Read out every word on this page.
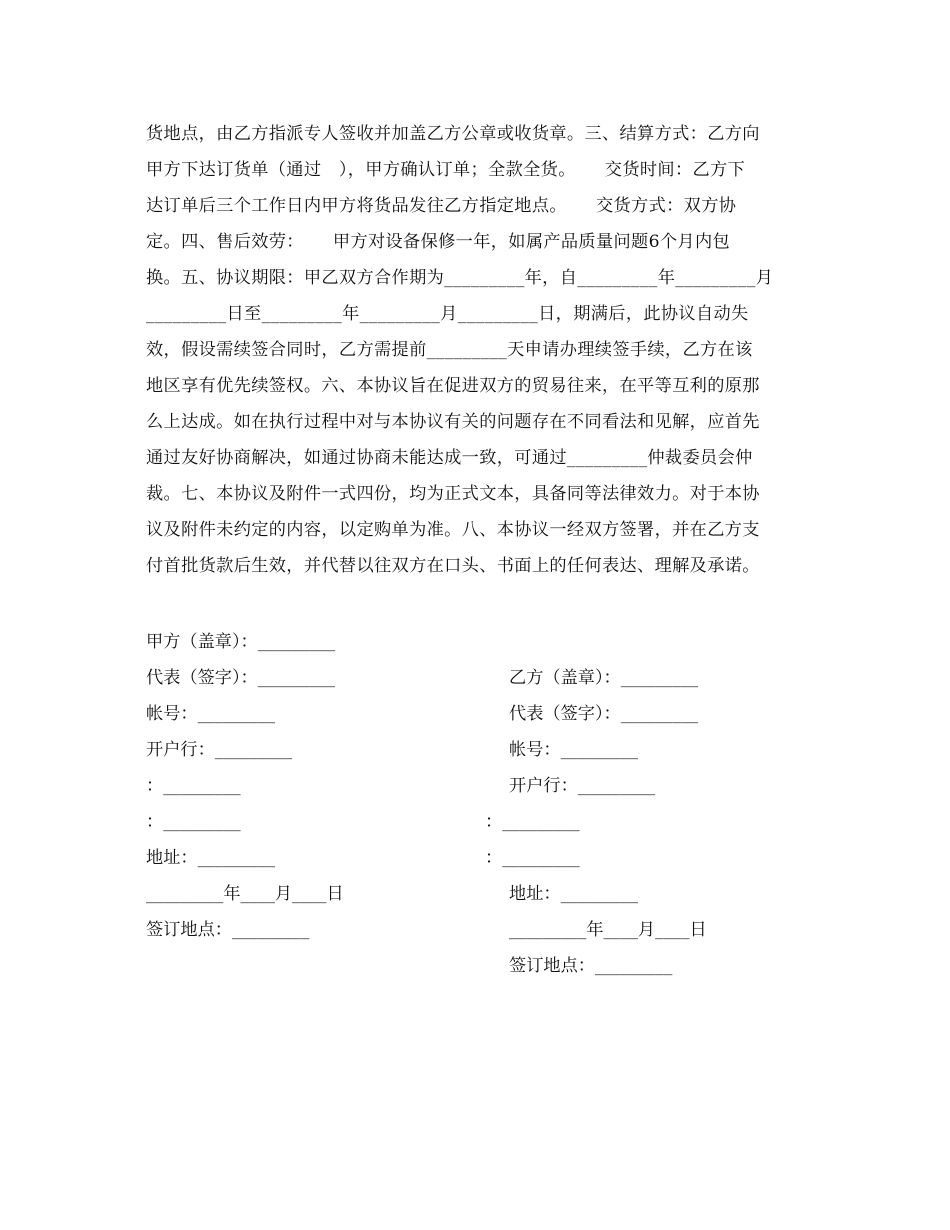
货地点，由乙方指派专人签收并加盖乙方公章或收货章。三、结算方式：乙方向
甲方下达订货单（通过   ），甲方确认订单；全款全货。     交货时间：乙方下
达订单后三个工作日内甲方将货品发往乙方指定地点。     交货方式：双方协
定。四、售后效劳：     甲方对设备保修一年，如属产品质量问题6个月内包
换。五、协议期限：甲乙双方合作期为_________年，自_________年_________月
_________日至_________年_________月_________日，期满后，此协议自动失
效，假设需续签合同时，乙方需提前_________天申请办理续签手续，乙方在该
地区享有优先续签权。六、本协议旨在促进双方的贸易往来，在平等互利的原那
么上达成。如在执行过程中对与本协议有关的问题存在不同看法和见解，应首先
通过友好协商解决，如通过协商未能达成一致，可通过_________仲裁委员会仲
裁。七、本协议及附件一式四份，均为正式文本，具备同等法律效力。对于本协
议及附件未约定的内容，以定购单为准。八、本协议一经双方签署，并在乙方支
付首批货款后生效，并代替以往双方在口头、书面上的任何表达、理解及承诺。

甲方（盖章）：_________

乙方（盖章）：_________

代表（签字）：_________

代表（签字）：_________

帐号：_________

帐号：_________

开户行：_________

开户行：_________

：_________

：_________

：_________

：_________

地址：_________

地址：_________

_________年____月____日

_________年____月____日

签订地点：_________

签订地点：_________
